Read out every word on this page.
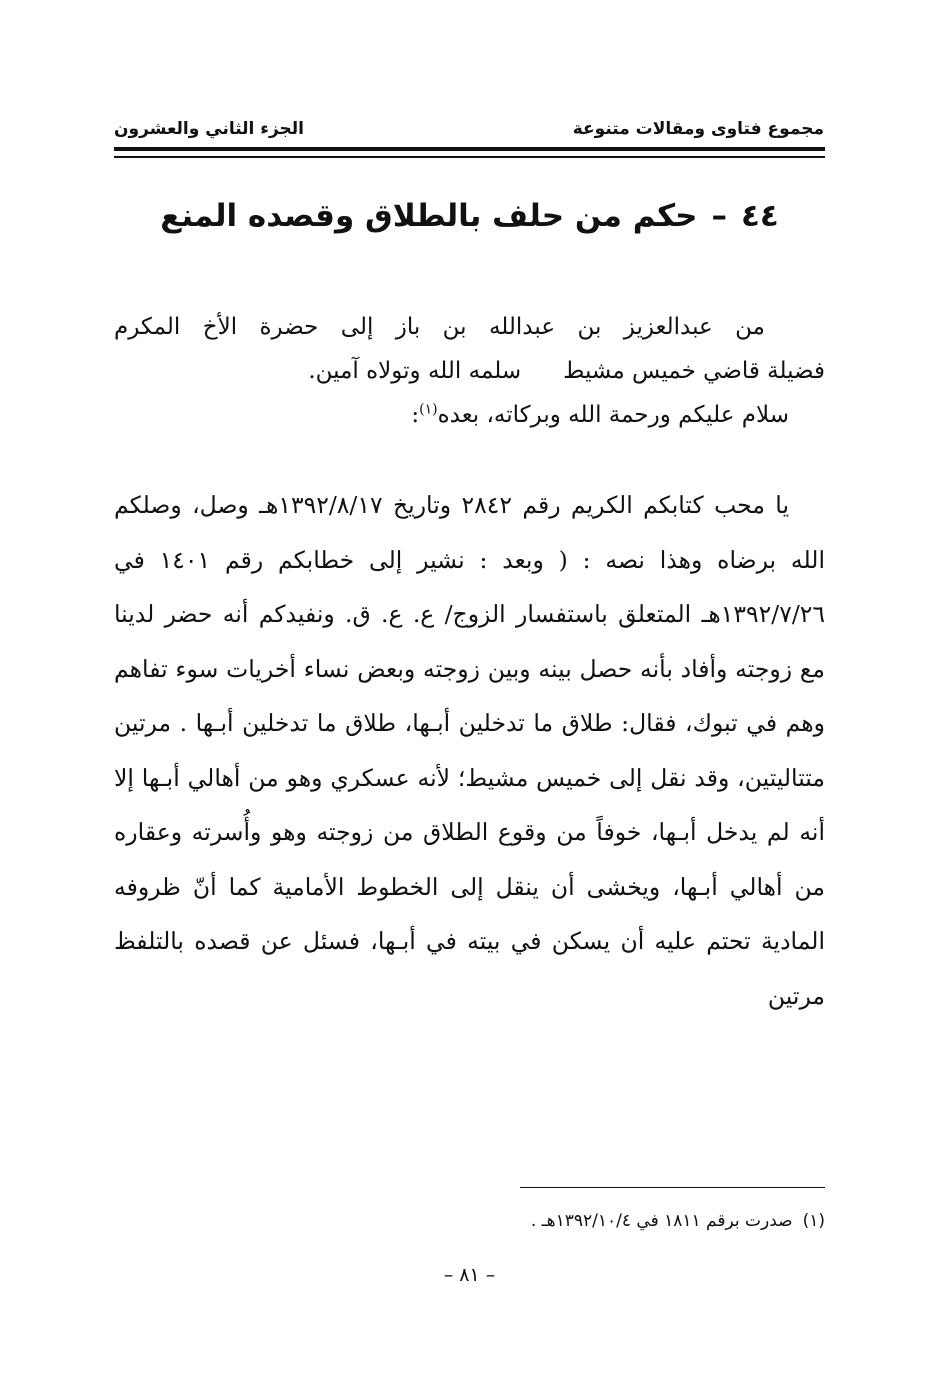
مجموع فتاوى ومقالات متنوعة
الجزء الثاني والعشرون
٤٤–حكم من حلف بالطلاق وقصده المنع

من عبدالعزيز بن عبدالله بن باز إلى حضرة الأخ المكرم

فضيلة قاضي خميس مشيطسلمه الله وتولاه آمين.

سلام عليكم ورحمة الله وبركاته، بعده$^{(١)}$:

يا محب كتابكم الكريم رقم ٢٨٤٢ وتاريخ ١٣٩٢/٨/١٧هـ وصل، وصلكم الله برضاه وهذا نصه : ( وبعد : نشير إلى خطابكم رقم ١٤٠١ في ١٣٩٢/٧/٢٦هـ المتعلق باستفسار الزوج/ ع. ع. ق. ونفيدكم أنه حضر لدينا مع زوجته وأفاد بأنه حصل بينه وبين زوجته وبعض نساء أخريات سوء تفاهم وهم في تبوك، فقال: طلاق ما تدخلين أبـها، طلاق ما تدخلين أبـها . مرتين متتاليتين، وقد نقل إلى خميس مشيط؛ لأنه عسكري وهو من أهالي أبـها إلا أنه لم يدخل أبـها، خوفاً من وقوع الطلاق من زوجته وهو وأُسرته وعقاره من أهالي أبـها، ويخشى أن ينقل إلى الخطوط الأمامية كما أنّ ظروفه المادية تحتم عليه أن يسكن في بيته في أبـها، فسئل عن قصده بالتلفظ مرتين

(١)صدرت برقم ١٨١١ في ١٣٩٢/١٠/٤هـ .
– ٨١ –
